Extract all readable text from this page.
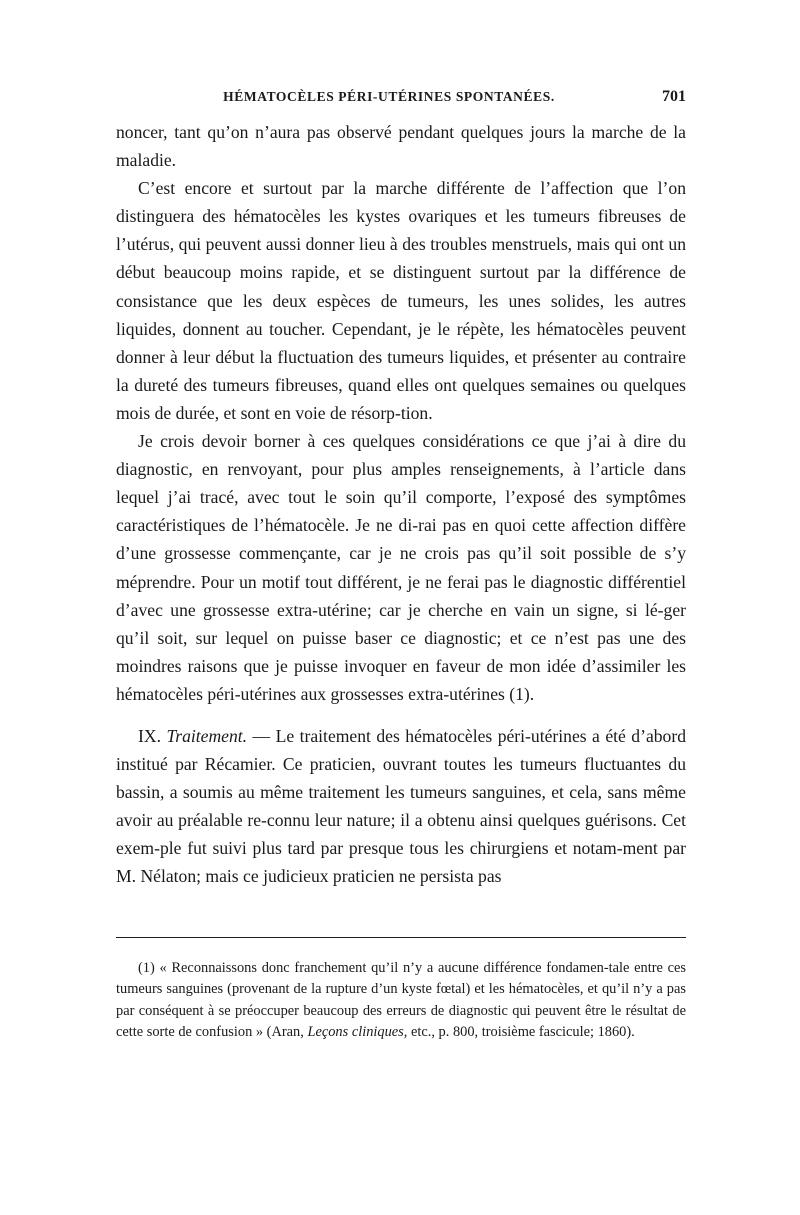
HÉMATOCÈLES PÉRI-UTÉRINES SPONTANÉES.	701

noncer, tant qu’on n’aura pas observé pendant quelques jours la marche de la maladie.

C’est encore et surtout par la marche différente de l’affection que l’on distinguera des hématocèles les kystes ovariques et les tumeurs fibreuses de l’utérus, qui peuvent aussi donner lieu à des troubles menstruels, mais qui ont un début beaucoup moins rapide, et se distinguent surtout par la différence de consistance que les deux espèces de tumeurs, les unes solides, les autres liquides, donnent au toucher. Cependant, je le répète, les hématocèles peuvent donner à leur début la fluctuation des tumeurs liquides, et présenter au contraire la dureté des tumeurs fibreuses, quand elles ont quelques semaines ou quelques mois de durée, et sont en voie de résorp-tion.

Je crois devoir borner à ces quelques considérations ce que j’ai à dire du diagnostic, en renvoyant, pour plus amples renseignements, à l’article dans lequel j’ai tracé, avec tout le soin qu’il comporte, l’exposé des symptômes caractéristiques de l’hématocèle. Je ne di-rai pas en quoi cette affection diffère d’une grossesse commençante, car je ne crois pas qu’il soit possible de s’y méprendre. Pour un motif tout différent, je ne ferai pas le diagnostic différentiel d’avec une grossesse extra-utérine; car je cherche en vain un signe, si lé-ger qu’il soit, sur lequel on puisse baser ce diagnostic; et ce n’est pas une des moindres raisons que je puisse invoquer en faveur de mon idée d’assimiler les hématocèles péri-utérines aux grossesses extra-utérines (1).

IX. Traitement. — Le traitement des hématocèles péri-utérines a été d’abord institué par Récamier. Ce praticien, ouvrant toutes les tumeurs fluctuantes du bassin, a soumis au même traitement les tumeurs sanguines, et cela, sans même avoir au préalable re-connu leur nature; il a obtenu ainsi quelques guérisons. Cet exem-ple fut suivi plus tard par presque tous les chirurgiens et notam-ment par M. Nélaton; mais ce judicieux praticien ne persista pas

(1) « Reconnaissons donc franchement qu’il n’y a aucune différence fondamen-tale entre ces tumeurs sanguines (provenant de la rupture d’un kyste fœtal) et les hématocèles, et qu’il n’y a pas par conséquent à se préoccuper beaucoup des erreurs de diagnostic qui peuvent être le résultat de cette sorte de confusion » (Aran, Leçons cliniques, etc., p. 800, troisième fascicule; 1860).
